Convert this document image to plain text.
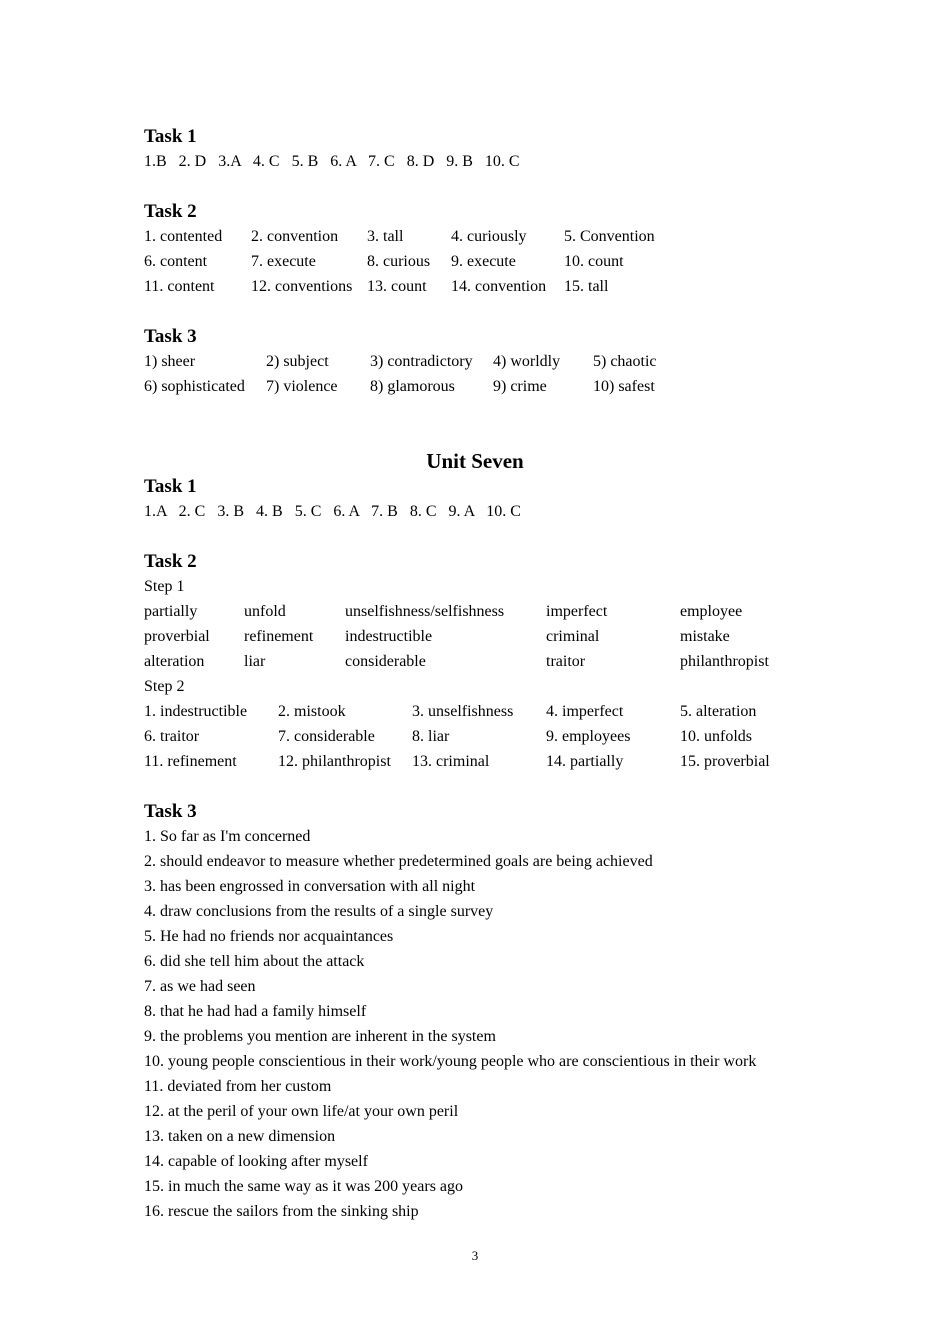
Task 1
1.B   2. D   3.A   4. C   5. B   6. A   7. C   8. D   9. B   10. C
Task 2
1. contented	2. convention	3. tall	4. curiously	5. Convention
6. content	7. execute	8. curious	9. execute	10. count
11. content	12. conventions 13. count	14. convention	15. tall
Task 3
1) sheer	2) subject	3) contradictory	4) worldly	5) chaotic
6) sophisticated	7) violence	8) glamorous	9) crime	10) safest
Unit Seven
Task 1
1.A   2. C   3. B   4. B   5. C   6. A   7. B   8. C   9. A   10. C
Task 2
Step 1
partially	unfold	unselfishness/selfishness	imperfect	employee
proverbial	refinement	indestructible	criminal	mistake
alteration	liar	considerable	traitor	philanthropist
Step 2
1. indestructible	2. mistook	3. unselfishness	4. imperfect	5. alteration
6. traitor	7. considerable	8. liar	9. employees	10. unfolds
11. refinement	12. philanthropist	13. criminal	14. partially	15. proverbial
Task 3
1. So far as I'm concerned
2. should endeavor to measure whether predetermined goals are being achieved
3. has been engrossed in conversation with all night
4. draw conclusions from the results of a single survey
5. He had no friends nor acquaintances
6. did she tell him about the attack
7. as we had seen
8. that he had had a family himself
9. the problems you mention are inherent in the system
10. young people conscientious in their work/young people who are conscientious in their work
11. deviated from her custom
12. at the peril of your own life/at your own peril
13. taken on a new dimension
14. capable of looking after myself
15. in much the same way as it was 200 years ago
16. rescue the sailors from the sinking ship
3
